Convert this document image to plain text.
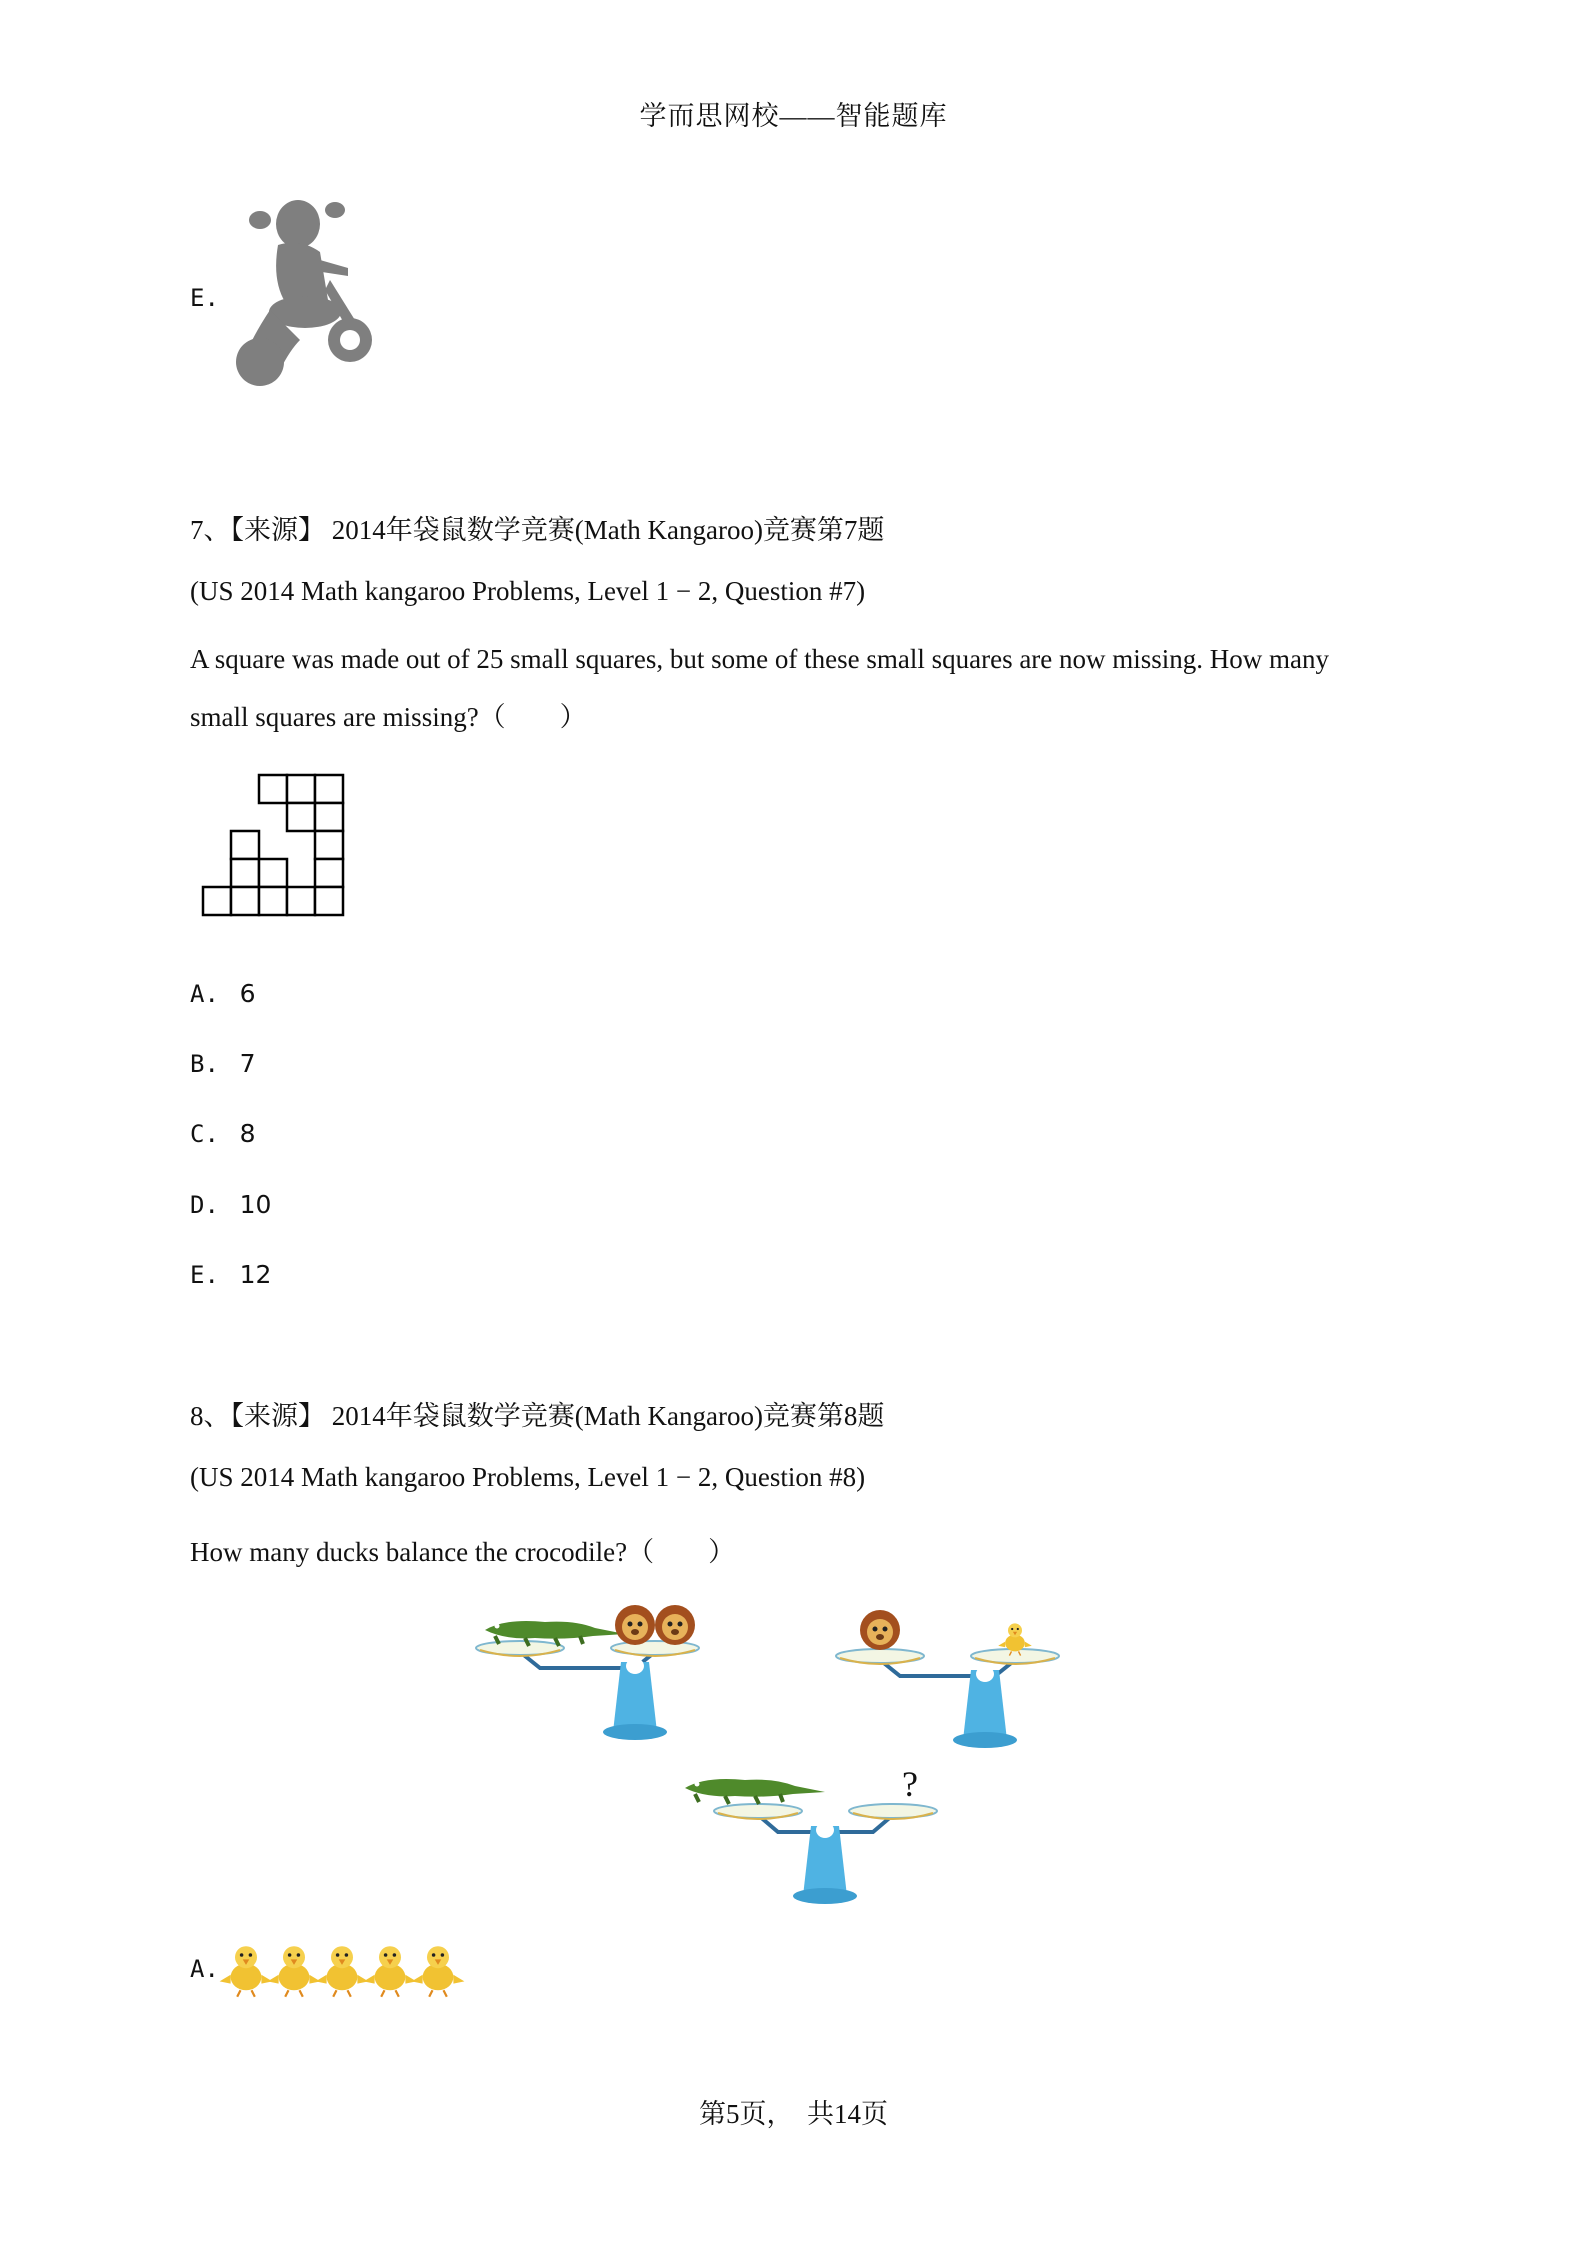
学而思网校——智能题库
E.
7、【来源】 2014年袋鼠数学竞赛(Math Kangaroo)竞赛第7题
(US 2014 Math kangaroo Problems, Level 1 − 2, Question #7)
A square was made out of 25 small squares, but some of these small squares are now missing. How many
small squares are missing?（　　）
A. 6
B. 7
C. 8
D. 10
E. 12
8、【来源】 2014年袋鼠数学竞赛(Math Kangaroo)竞赛第8题
(US 2014 Math kangaroo Problems, Level 1 − 2, Question #8)
How many ducks balance the crocodile?（　　）
?
A.
第5页，　共14页
